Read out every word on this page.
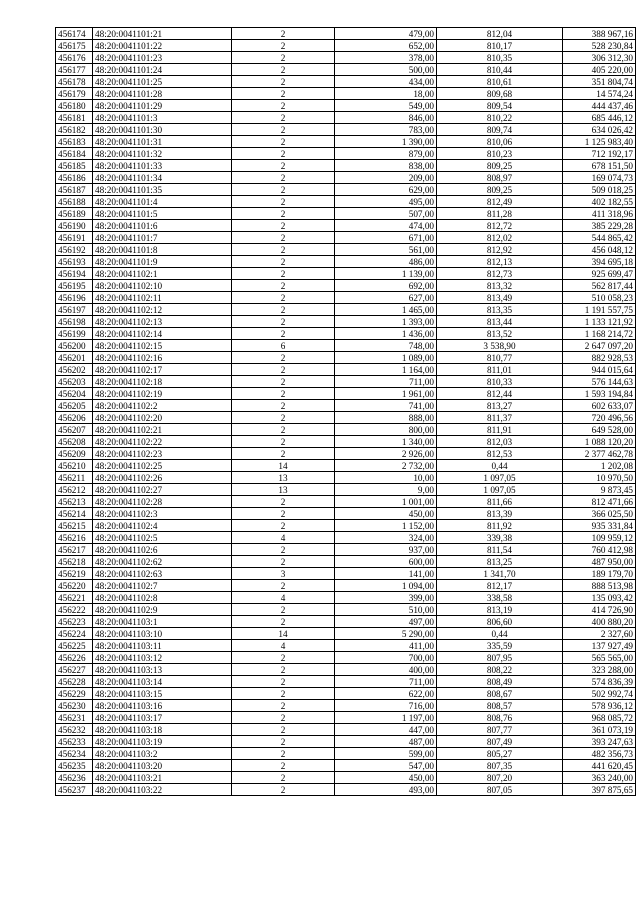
456174	48:20:0041101:21	2	479,00	812,04	388 967,16
456175	48:20:0041101:22	2	652,00	810,17	528 230,84
456176	48:20:0041101:23	2	378,00	810,35	306 312,30
456177	48:20:0041101:24	2	500,00	810,44	405 220,00
456178	48:20:0041101:25	2	434,00	810,61	351 804,74
456179	48:20:0041101:28	2	18,00	809,68	14 574,24
456180	48:20:0041101:29	2	549,00	809,54	444 437,46
456181	48:20:0041101:3	2	846,00	810,22	685 446,12
456182	48:20:0041101:30	2	783,00	809,74	634 026,42
456183	48:20:0041101:31	2	1 390,00	810,06	1 125 983,40
456184	48:20:0041101:32	2	879,00	810,23	712 192,17
456185	48:20:0041101:33	2	838,00	809,25	678 151,50
456186	48:20:0041101:34	2	209,00	808,97	169 074,73
456187	48:20:0041101:35	2	629,00	809,25	509 018,25
456188	48:20:0041101:4	2	495,00	812,49	402 182,55
456189	48:20:0041101:5	2	507,00	811,28	411 318,96
456190	48:20:0041101:6	2	474,00	812,72	385 229,28
456191	48:20:0041101:7	2	671,00	812,02	544 865,42
456192	48:20:0041101:8	2	561,00	812,92	456 048,12
456193	48:20:0041101:9	2	486,00	812,13	394 695,18
456194	48:20:0041102:1	2	1 139,00	812,73	925 699,47
456195	48:20:0041102:10	2	692,00	813,32	562 817,44
456196	48:20:0041102:11	2	627,00	813,49	510 058,23
456197	48:20:0041102:12	2	1 465,00	813,35	1 191 557,75
456198	48:20:0041102:13	2	1 393,00	813,44	1 133 121,92
456199	48:20:0041102:14	2	1 436,00	813,52	1 168 214,72
456200	48:20:0041102:15	6	748,00	3 538,90	2 647 097,20
456201	48:20:0041102:16	2	1 089,00	810,77	882 928,53
456202	48:20:0041102:17	2	1 164,00	811,01	944 015,64
456203	48:20:0041102:18	2	711,00	810,33	576 144,63
456204	48:20:0041102:19	2	1 961,00	812,44	1 593 194,84
456205	48:20:0041102:2	2	741,00	813,27	602 633,07
456206	48:20:0041102:20	2	888,00	811,37	720 496,56
456207	48:20:0041102:21	2	800,00	811,91	649 528,00
456208	48:20:0041102:22	2	1 340,00	812,03	1 088 120,20
456209	48:20:0041102:23	2	2 926,00	812,53	2 377 462,78
456210	48:20:0041102:25	14	2 732,00	0,44	1 202,08
456211	48:20:0041102:26	13	10,00	1 097,05	10 970,50
456212	48:20:0041102:27	13	9,00	1 097,05	9 873,45
456213	48:20:0041102:28	2	1 001,00	811,66	812 471,66
456214	48:20:0041102:3	2	450,00	813,39	366 025,50
456215	48:20:0041102:4	2	1 152,00	811,92	935 331,84
456216	48:20:0041102:5	4	324,00	339,38	109 959,12
456217	48:20:0041102:6	2	937,00	811,54	760 412,98
456218	48:20:0041102:62	2	600,00	813,25	487 950,00
456219	48:20:0041102:63	3	141,00	1 341,70	189 179,70
456220	48:20:0041102:7	2	1 094,00	812,17	888 513,98
456221	48:20:0041102:8	4	399,00	338,58	135 093,42
456222	48:20:0041102:9	2	510,00	813,19	414 726,90
456223	48:20:0041103:1	2	497,00	806,60	400 880,20
456224	48:20:0041103:10	14	5 290,00	0,44	2 327,60
456225	48:20:0041103:11	4	411,00	335,59	137 927,49
456226	48:20:0041103:12	2	700,00	807,95	565 565,00
456227	48:20:0041103:13	2	400,00	808,22	323 288,00
456228	48:20:0041103:14	2	711,00	808,49	574 836,39
456229	48:20:0041103:15	2	622,00	808,67	502 992,74
456230	48:20:0041103:16	2	716,00	808,57	578 936,12
456231	48:20:0041103:17	2	1 197,00	808,76	968 085,72
456232	48:20:0041103:18	2	447,00	807,77	361 073,19
456233	48:20:0041103:19	2	487,00	807,49	393 247,63
456234	48:20:0041103:2	2	599,00	805,27	482 356,73
456235	48:20:0041103:20	2	547,00	807,35	441 620,45
456236	48:20:0041103:21	2	450,00	807,20	363 240,00
456237	48:20:0041103:22	2	493,00	807,05	397 875,65
